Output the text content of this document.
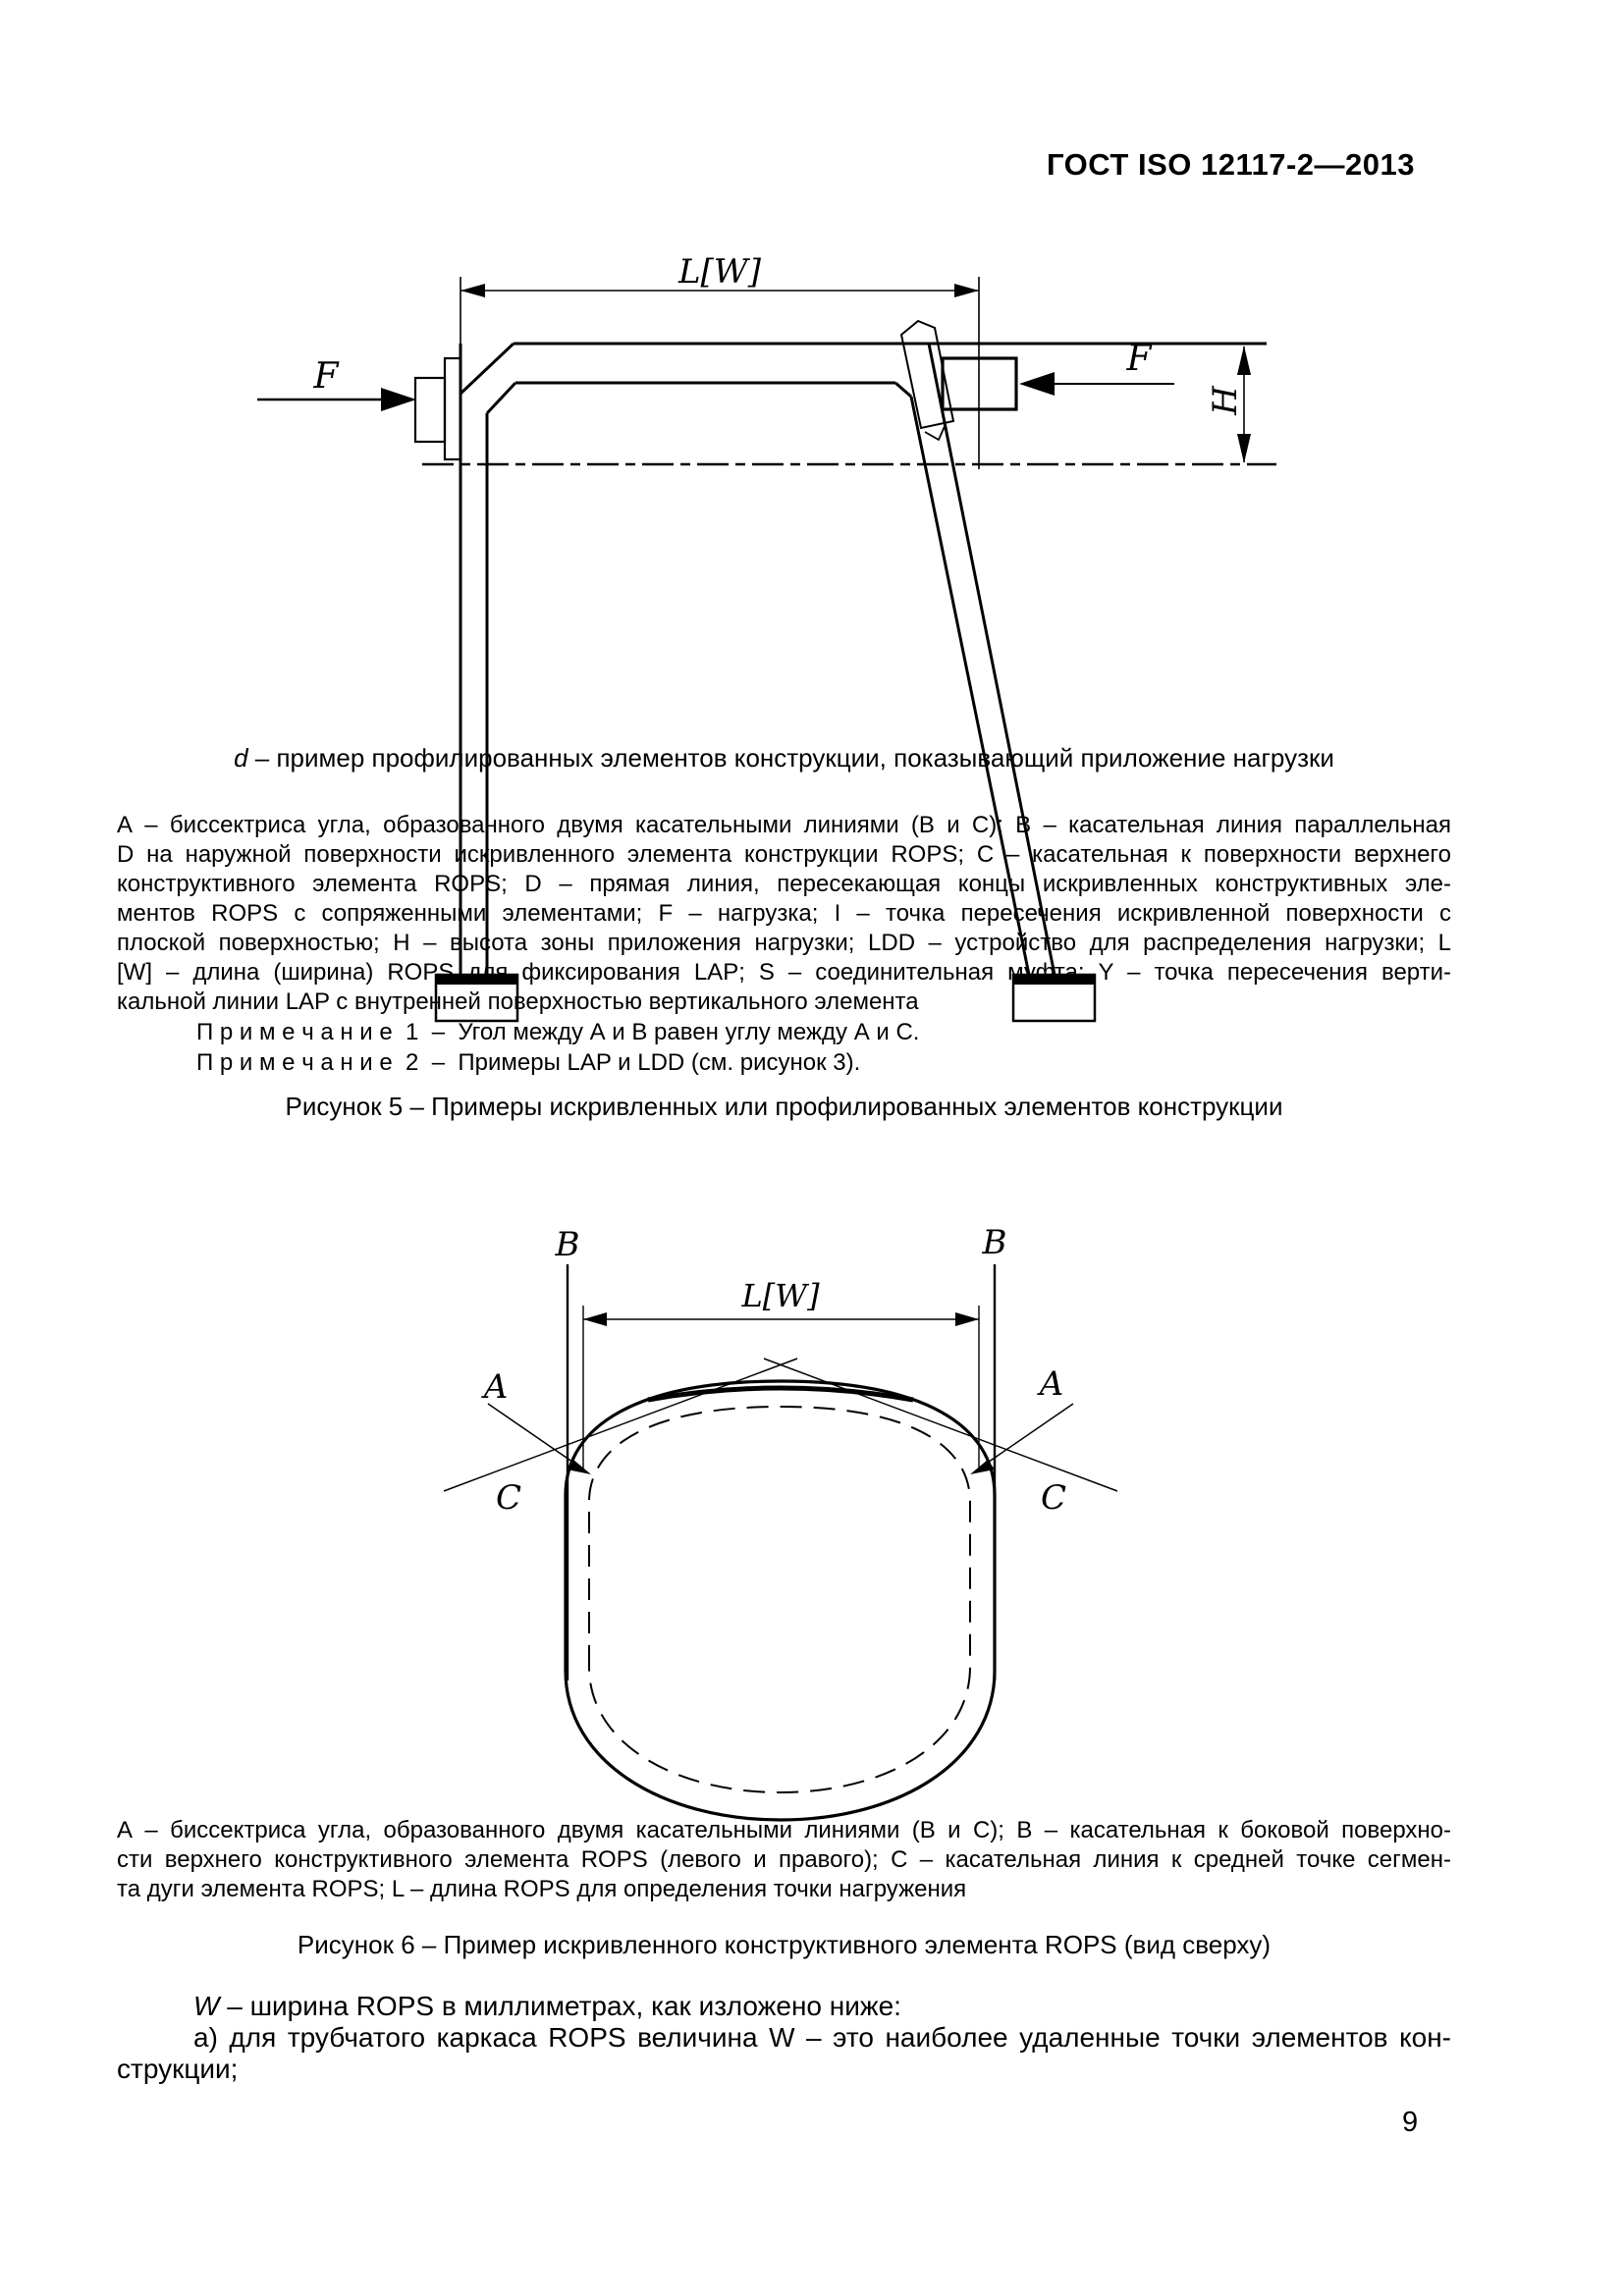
ГОСТ ISO 12117-2—2013
L[W]
F	F
H
d – пример профилированных элементов конструкции, показывающий приложение нагрузки
А – биссектриса угла, образованного двумя касательными линиями (В и С); В – касательная линия параллельная
D на наружной поверхности искривленного элемента конструкции ROPS; С – касательная к поверхности верхнего
конструктивного элемента ROPS; D – прямая линия, пересекающая концы искривленных конструктивных эле-
ментов ROPS с сопряженными элементами; F – нагрузка; I – точка пересечения искривленной поверхности с
плоской поверхностью; H – высота зоны приложения нагрузки; LDD – устройство для распределения нагрузки; L
[W] – длина (ширина) ROPS для фиксирования LAP; S – соединительная муфта; Y – точка пересечения верти-
кальной линии LAP с внутренней поверхностью вертикального элемента
П р и м е ч а н и е  1  –  Угол между А и В равен углу между А и С.
П р и м е ч а н и е  2  –  Примеры LAP и LDD (см. рисунок 3).
Рисунок 5 – Примеры искривленных или профилированных элементов конструкции
B	B
L[W]
A	A
C	C
А – биссектриса угла, образованного двумя касательными линиями (В и С); В – касательная к боковой поверхно-
сти верхнего конструктивного элемента ROPS (левого и правого); С – касательная линия к средней точке сегмен-
та дуги элемента ROPS; L – длина ROPS для определения точки нагружения
Рисунок 6 – Пример искривленного конструктивного элемента ROPS (вид сверху)
W – ширина ROPS в миллиметрах, как изложено ниже:
а) для трубчатого каркаса ROPS величина W – это наиболее удаленные точки элементов кон-
струкции;
9
